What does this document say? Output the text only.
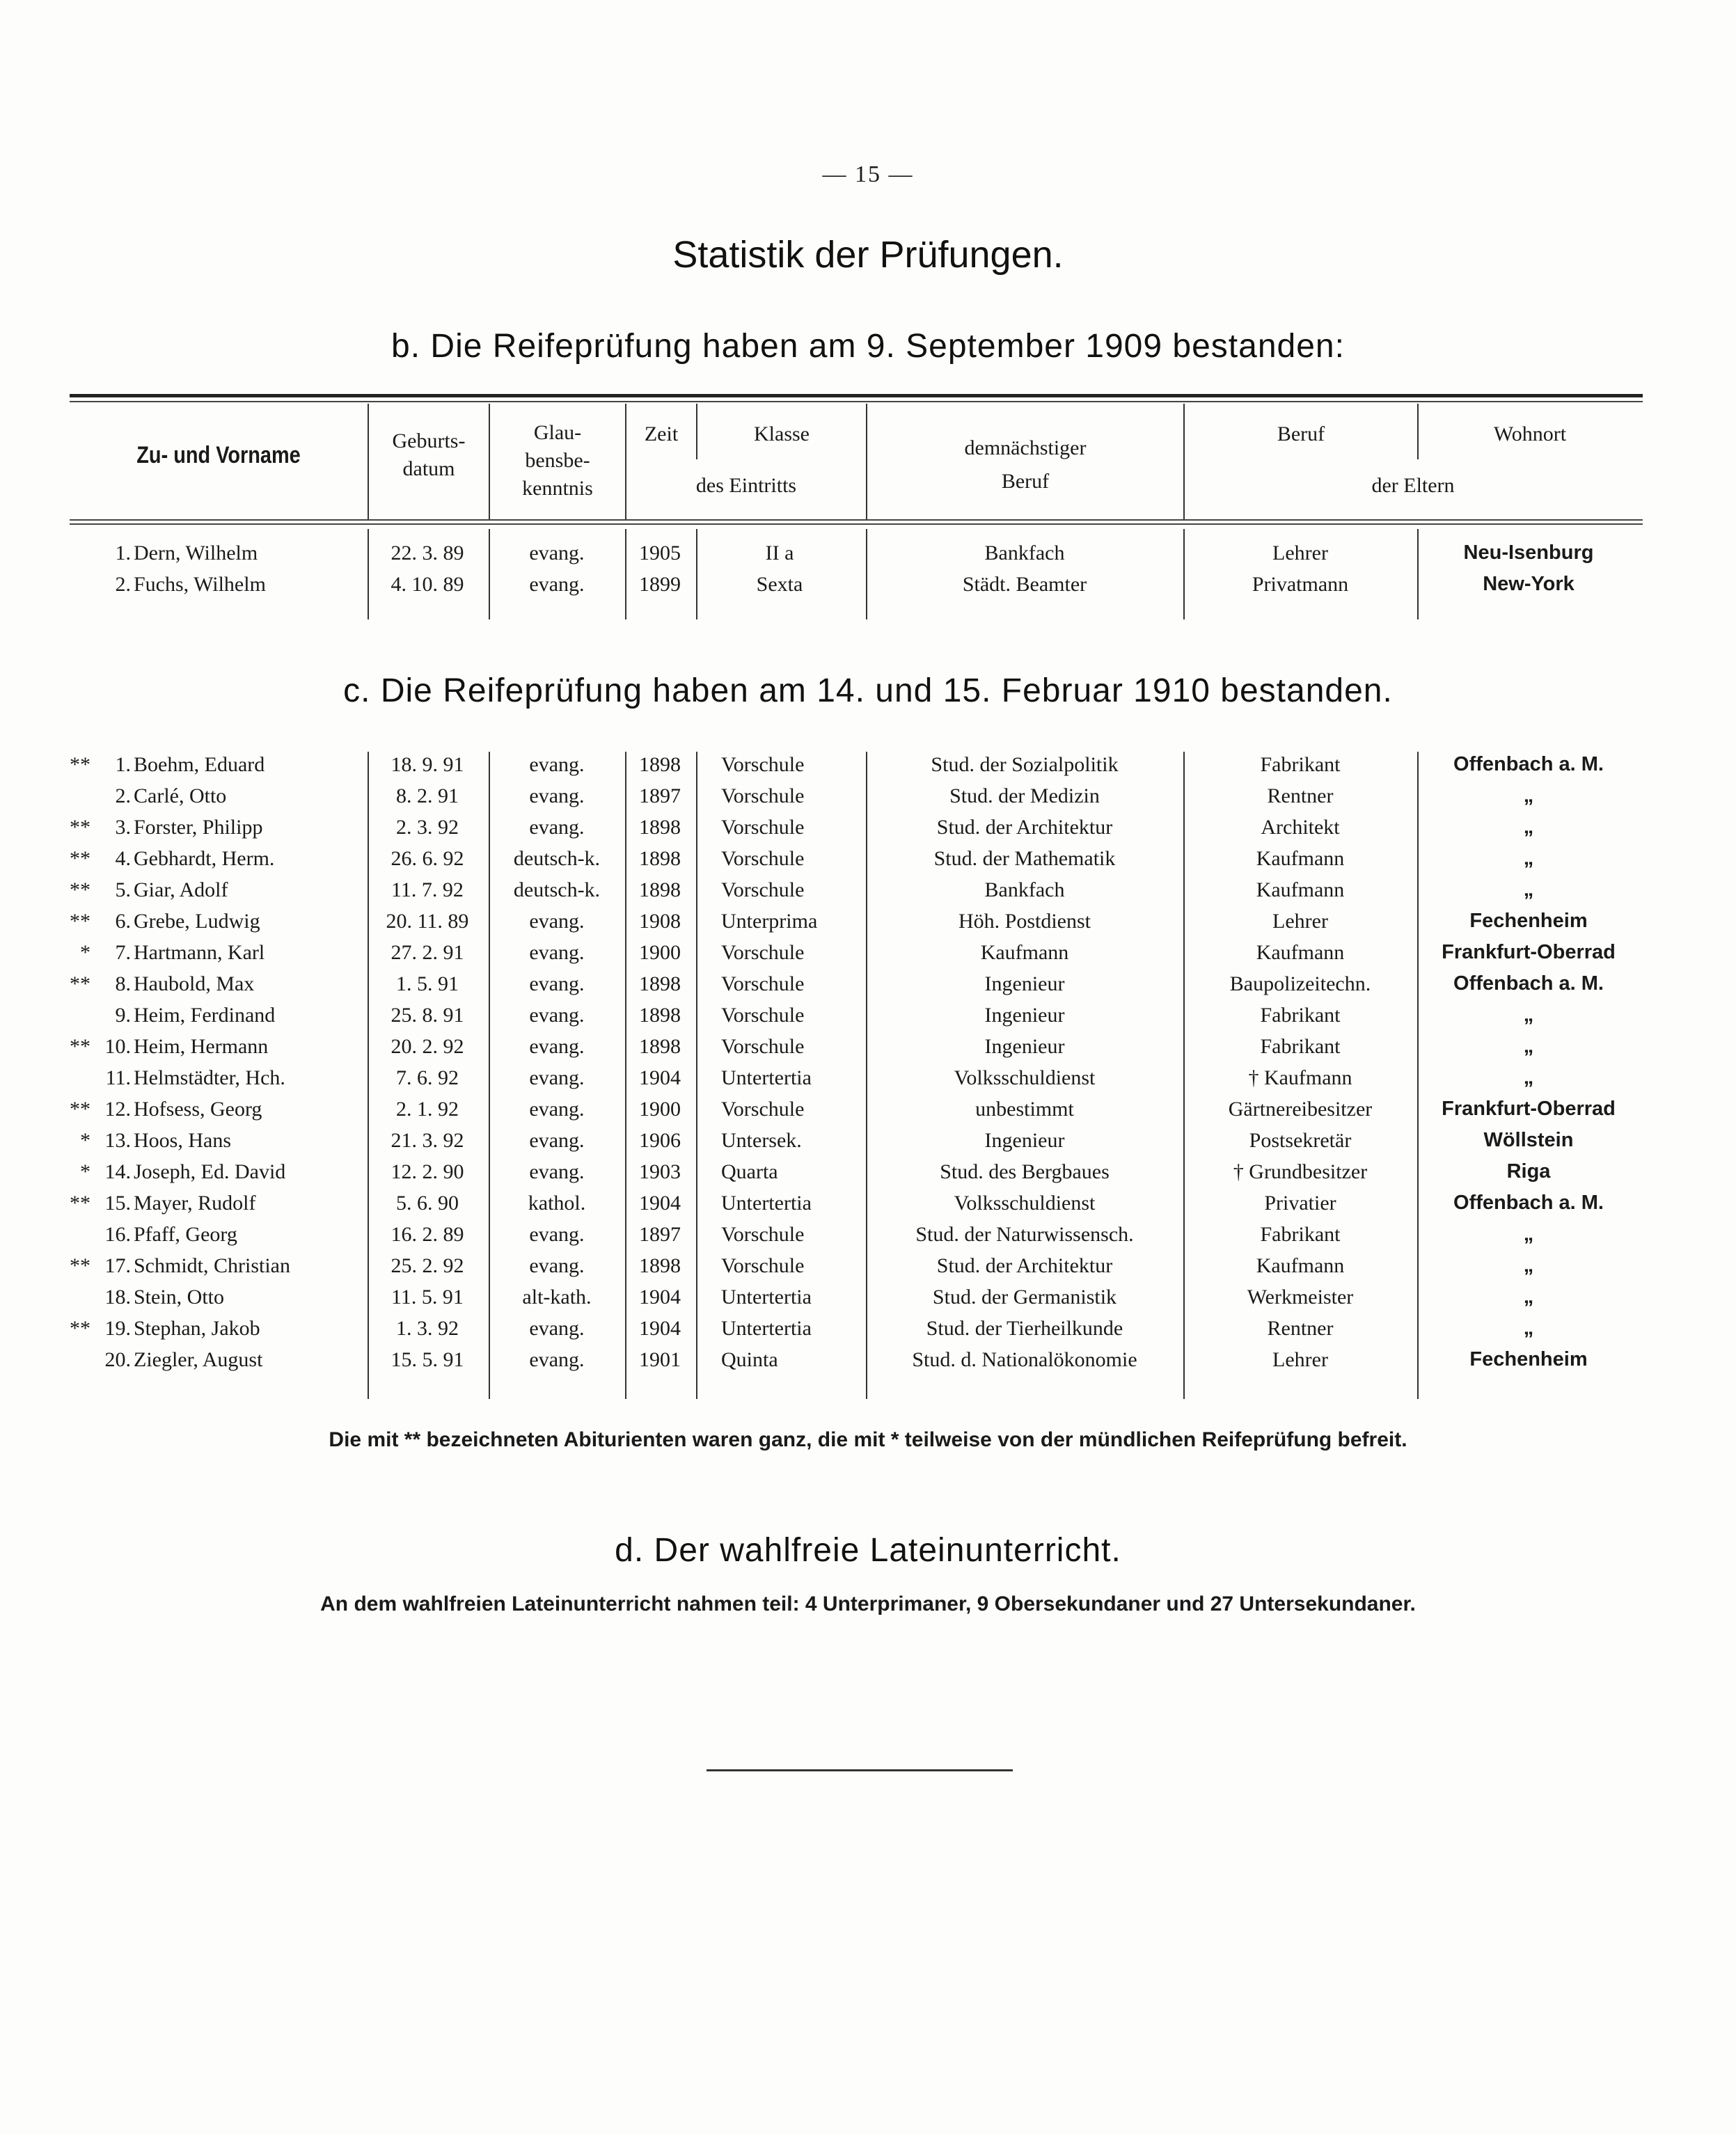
— 15 —
Statistik der Prüfungen.
b. Die Reifeprüfung haben am 9. September 1909 bestanden:
Zu- und Vorname
Geburts-
datum
Glau-
bensbe-
kenntnis
Zeit	Klasse
des Eintritts
demnächstiger
Beruf
Beruf	Wohnort
der Eltern
1. Dern, Wilhelm	22. 3. 89	evang.	1905	II a	Bankfach	Lehrer	Neu-Isenburg
2. Fuchs, Wilhelm	4. 10. 89	evang.	1899	Sexta	Städt. Beamter	Privatmann	New-York
c. Die Reifeprüfung haben am 14. und 15. Februar 1910 bestanden.
**	1. Boehm, Eduard	18. 9. 91	evang.	1898	Vorschule	Stud. der Sozialpolitik	Fabrikant	Offenbach a. M.
2. Carlé, Otto	8. 2. 91	evang.	1897	Vorschule	Stud. der Medizin	Rentner	„
**	3. Forster, Philipp	2. 3. 92	evang.	1898	Vorschule	Stud. der Architektur	Architekt	„
**	4. Gebhardt, Herm.	26. 6. 92	deutsch-k.	1898	Vorschule	Stud. der Mathematik	Kaufmann	„
**	5. Giar, Adolf	11. 7. 92	deutsch-k.	1898	Vorschule	Bankfach	Kaufmann	„
**	6. Grebe, Ludwig	20. 11. 89	evang.	1908	Unterprima	Höh. Postdienst	Lehrer	Fechenheim
*	7. Hartmann, Karl	27. 2. 91	evang.	1900	Vorschule	Kaufmann	Kaufmann	Frankfurt-Oberrad
**	8. Haubold, Max	1. 5. 91	evang.	1898	Vorschule	Ingenieur	Baupolizeitechn.	Offenbach a. M.
9. Heim, Ferdinand	25. 8. 91	evang.	1898	Vorschule	Ingenieur	Fabrikant	„
** 10. Heim, Hermann	20. 2. 92	evang.	1898	Vorschule	Ingenieur	Fabrikant	„
11. Helmstädter, Hch.	7. 6. 92	evang.	1904	Untertertia	Volksschuldienst	† Kaufmann	„
** 12. Hofsess, Georg	2. 1. 92	evang.	1900	Vorschule	unbestimmt	Gärtnereibesitzer	Frankfurt-Oberrad
* 13. Hoos, Hans	21. 3. 92	evang.	1906	Untersek.	Ingenieur	Postsekretär	Wöllstein
* 14. Joseph, Ed. David	12. 2. 90	evang.	1903	Quarta	Stud. des Bergbaues	† Grundbesitzer	Riga
** 15. Mayer, Rudolf	5. 6. 90	kathol.	1904	Untertertia	Volksschuldienst	Privatier	Offenbach a. M.
16. Pfaff, Georg	16. 2. 89	evang.	1897	Vorschule	Stud. der Naturwissensch.	Fabrikant	„
** 17. Schmidt, Christian	25. 2. 92	evang.	1898	Vorschule	Stud. der Architektur	Kaufmann	„
18. Stein, Otto	11. 5. 91	alt-kath.	1904	Untertertia	Stud. der Germanistik	Werkmeister	„
** 19. Stephan, Jakob	1. 3. 92	evang.	1904	Untertertia	Stud. der Tierheilkunde	Rentner	„
20. Ziegler, August	15. 5. 91	evang.	1901	Quinta	Stud. d. Nationalökonomie	Lehrer	Fechenheim
Die mit ** bezeichneten Abiturienten waren ganz, die mit * teilweise von der mündlichen Reifeprüfung befreit.
d. Der wahlfreie Lateinunterricht.
An dem wahlfreien Lateinunterricht nahmen teil: 4 Unterprimaner, 9 Obersekundaner und 27 Untersekundaner.
